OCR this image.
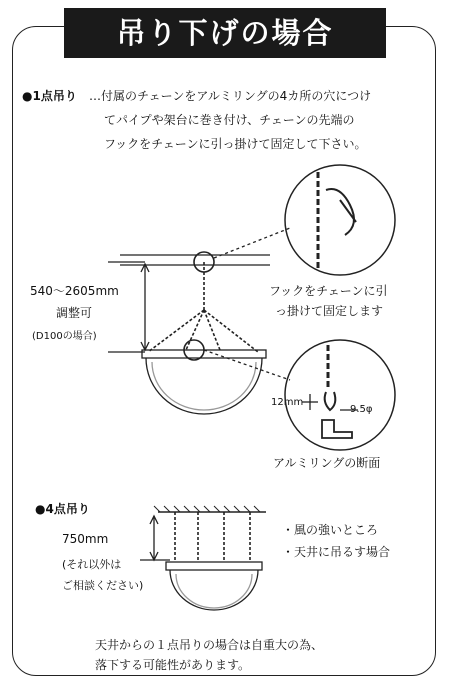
吊り下げの場合
●1点吊り …付属のチェーンをアルミリングの4カ所の穴につけ
てパイプや架台に巻き付け、チェーンの先端の
フックをチェーンに引っ掛けて固定して下さい。
540〜2605mm
調整可
(D100の場合)
フックをチェーンに引
っ掛けて固定します
12mm
9.5φ
アルミリングの断面
●4点吊り
750mm
(それ以外は
ご相談ください)
・風の強いところ
・天井に吊るす場合
天井からの１点吊りの場合は自重大の為、
落下する可能性があります。
